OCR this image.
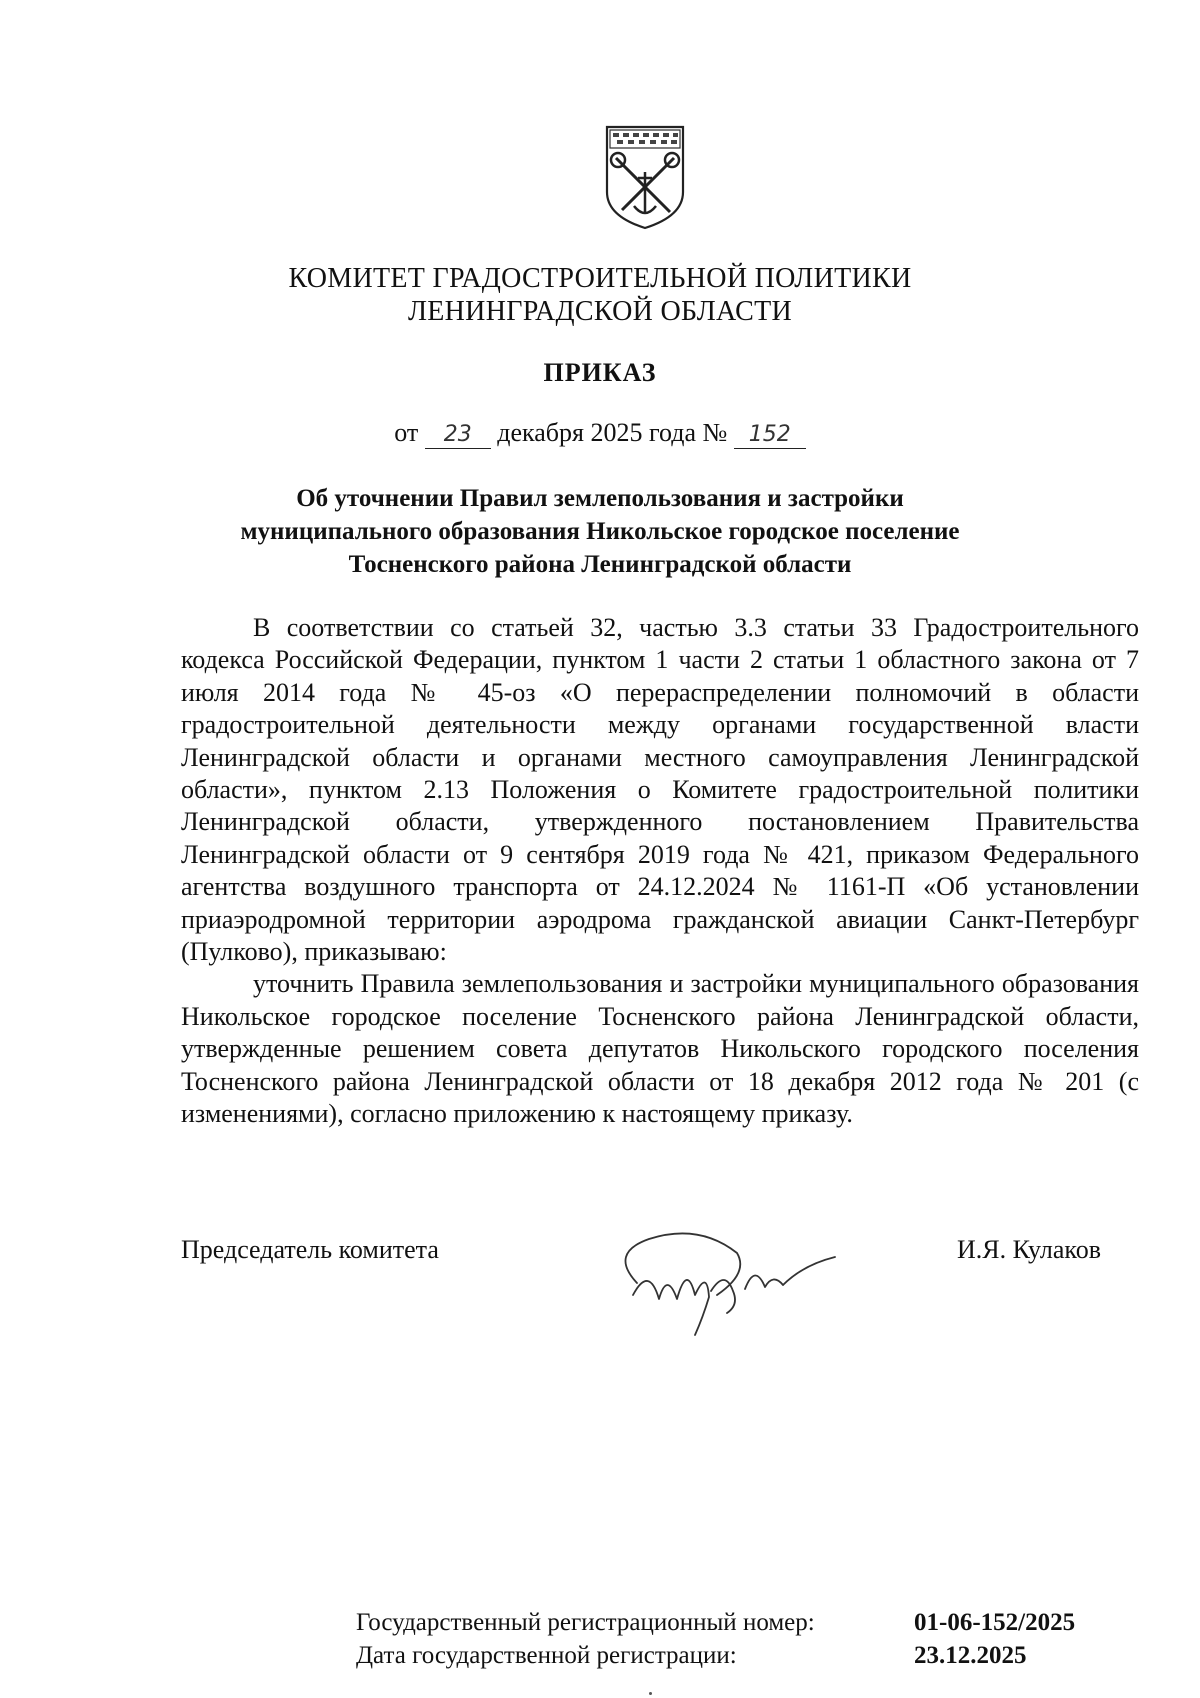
КОМИТЕТ ГРАДОСТРОИТЕЛЬНОЙ ПОЛИТИКИ
ЛЕНИНГРАДСКОЙ ОБЛАСТИ
ПРИКАЗ
от 23 декабря 2025 года № 152
Об уточнении Правил землепользования и застройки
муниципального образования Никольское городское поселение
Тосненского района Ленинградской области

В соответствии со статьей 32, частью 3.3 статьи 33 Градостроительного кодекса Российской Федерации, пунктом 1 части 2 статьи 1 областного закона от 7 июля 2014 года № 45-оз «О перераспределении полномочий в области градостроительной деятельности между органами государственной власти Ленинградской области и органами местного самоуправления Ленинградской области», пунктом 2.13 Положения о Комитете градостроительной политики Ленинградской области, утвержденного постановлением Правительства Ленинградской области от 9 сентября 2019 года № 421, приказом Федерального агентства воздушного транспорта от 24.12.2024 № 1161-П «Об установлении приаэродромной территории аэродрома гражданской авиации Санкт-Петербург (Пулково), приказываю:

уточнить Правила землепользования и застройки муниципального образования Никольское городское поселение Тосненского района Ленинградской области, утвержденные решением совета депутатов Никольского городского поселения Тосненского района Ленинградской области от 18 декабря 2012 года № 201 (с изменениями), согласно приложению к настоящему приказу.

Председатель комитета	И.Я. Кулаков
Государственный регистрационный номер:	01-06-152/2025
Дата государственной регистрации:	23.12.2025
